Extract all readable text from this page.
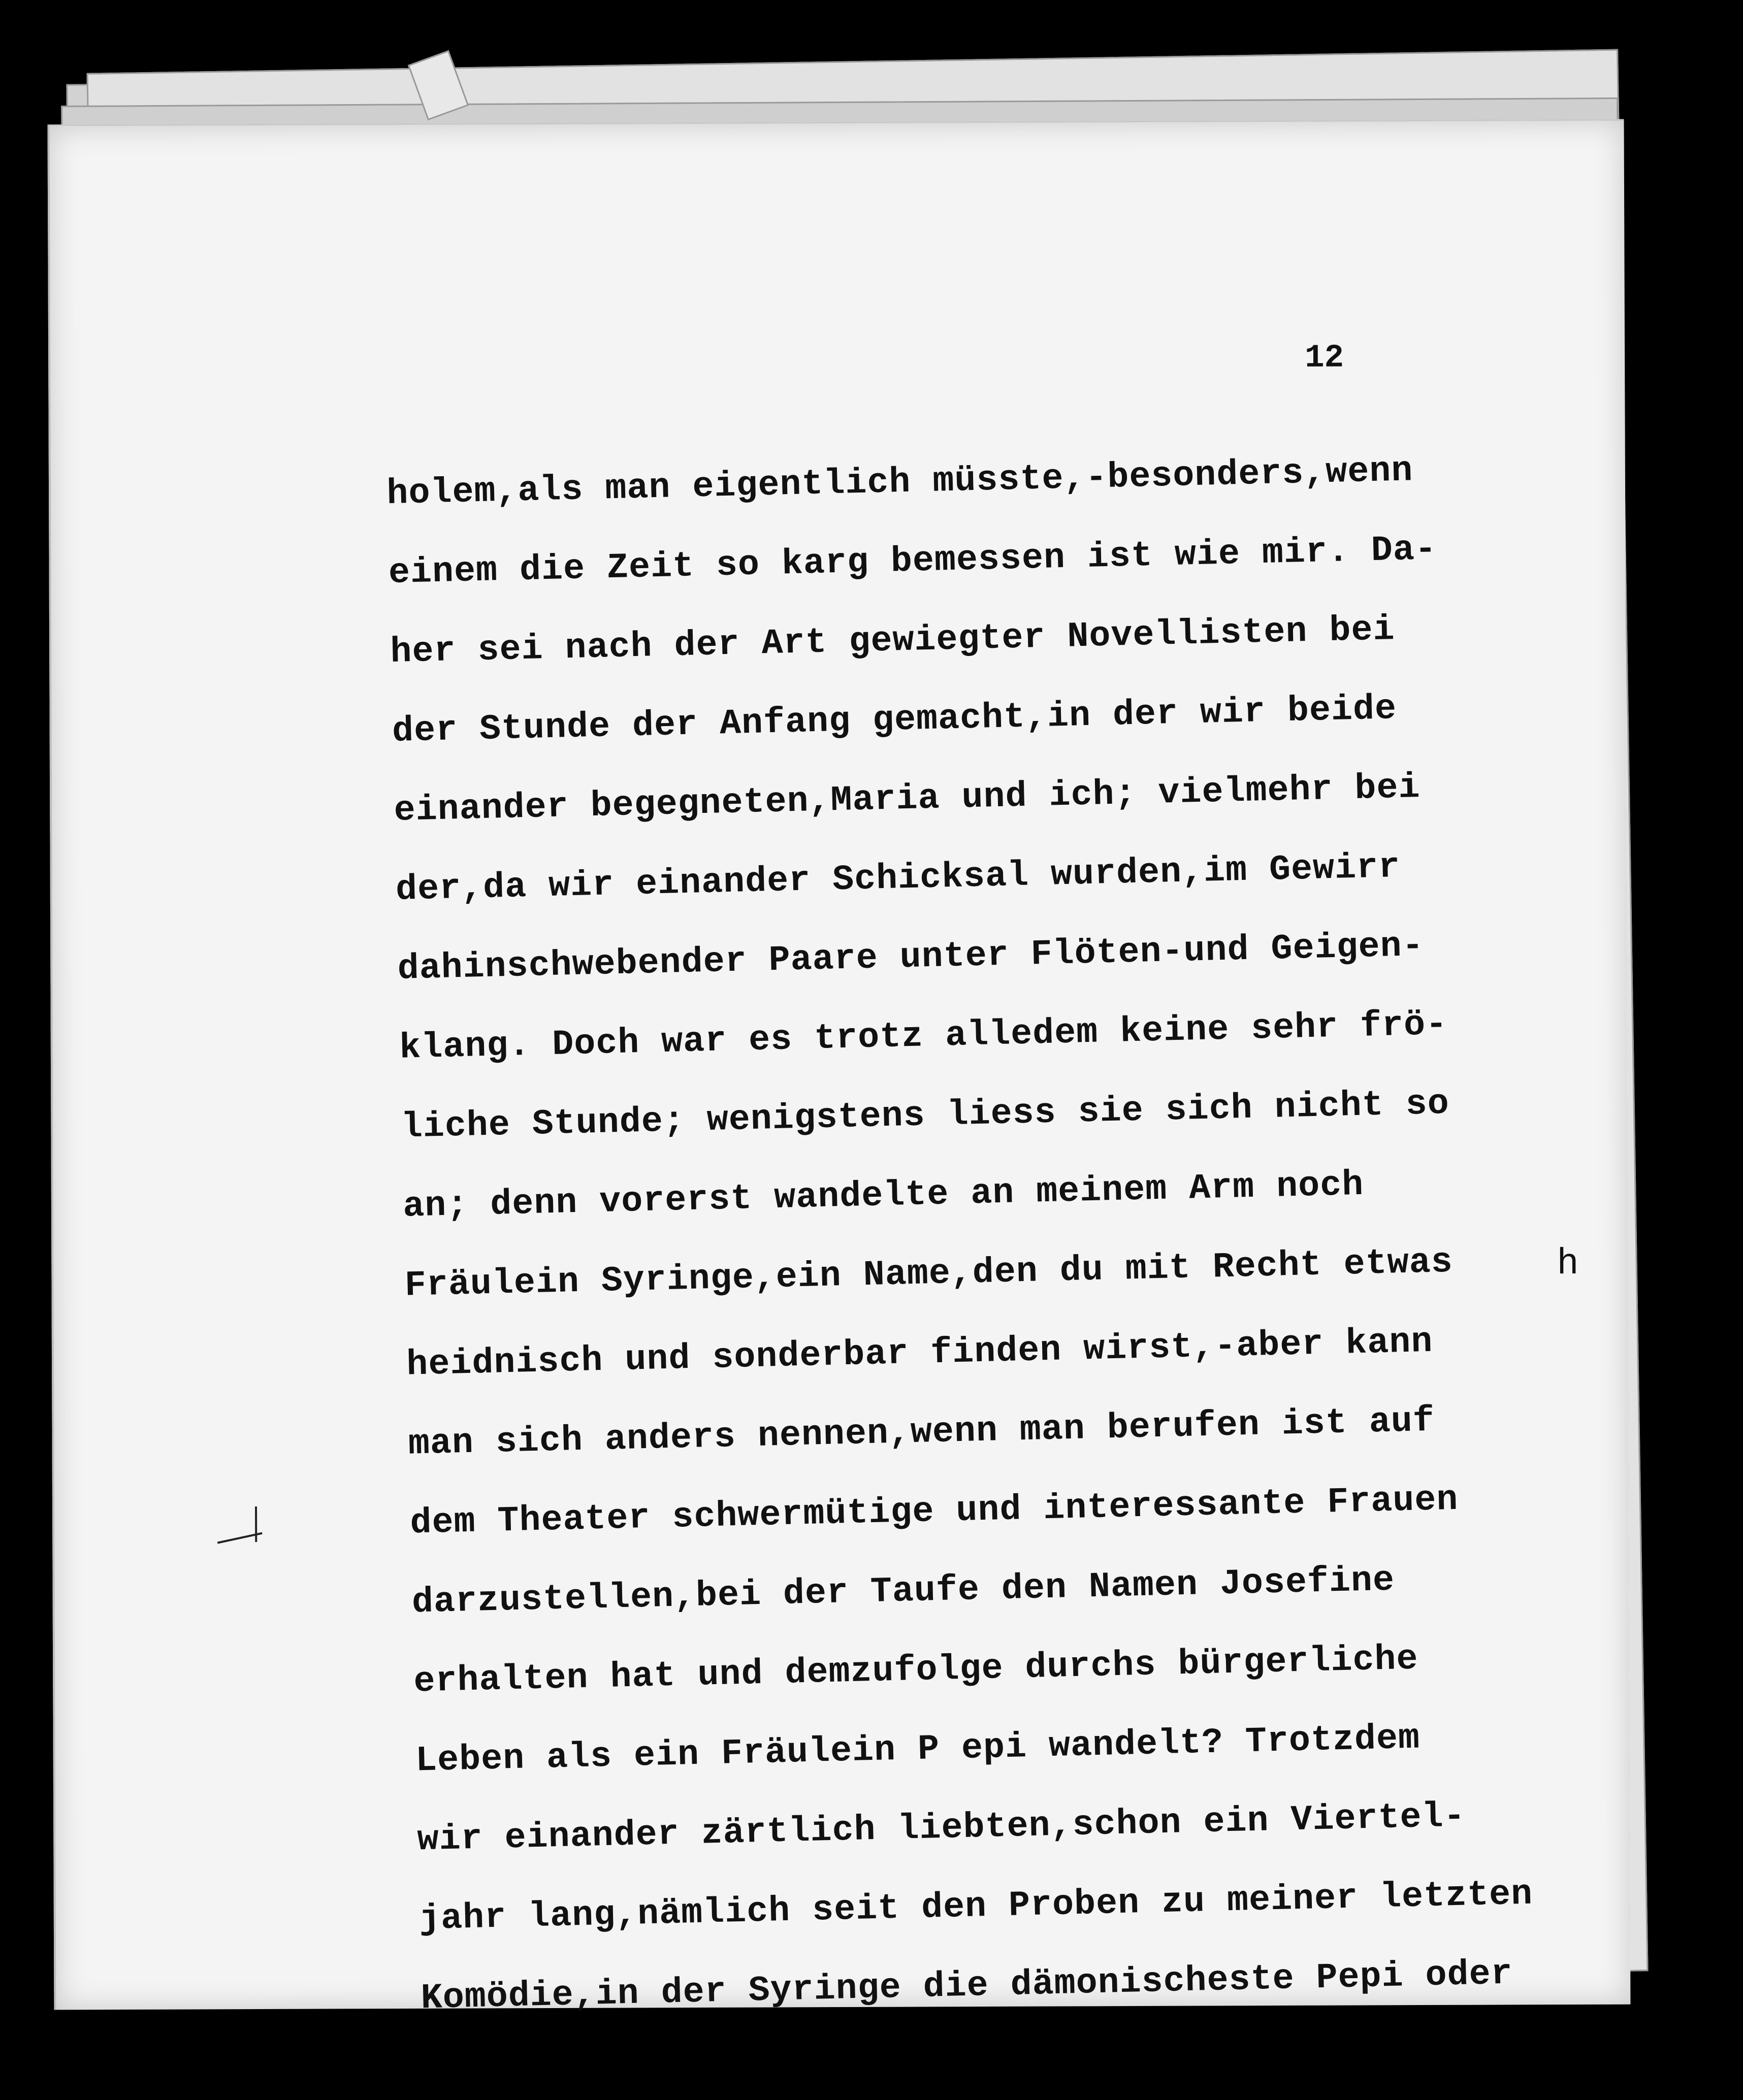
12
holem,als man eigentlich müsste,-besonders,wenn
einem die Zeit so karg bemessen ist wie mir. Da-
her sei nach der Art gewiegter Novellisten bei
der Stunde der Anfang gemacht,in der wir beide
einander begegneten,Maria und ich; vielmehr bei
der,da wir einander Schicksal wurden,im Gewirr
dahinschwebender Paare unter Flöten-und Geigen-
klang. Doch war es trotz alledem keine sehr frö-
liche Stunde; wenigstens liess sie sich nicht so
an; denn vorerst wandelte an meinem Arm noch
Fräulein Syringe,ein Name,den du mit Recht etwas
heidnisch und sonderbar finden wirst,-aber kann
man sich anders nennen,wenn man berufen ist auf
dem Theater schwermütige und interessante Frauen
darzustellen,bei der Taufe den Namen Josefine
erhalten hat und demzufolge durchs bürgerliche
Leben als ein Fräulein P epi wandelt? Trotzdem
wir einander zärtlich liebten,schon ein Viertel-
jahr lang,nämlich seit den Proben zu meiner letzten
Komödie,in der Syringe die dämonischeste Pepi oder
h
